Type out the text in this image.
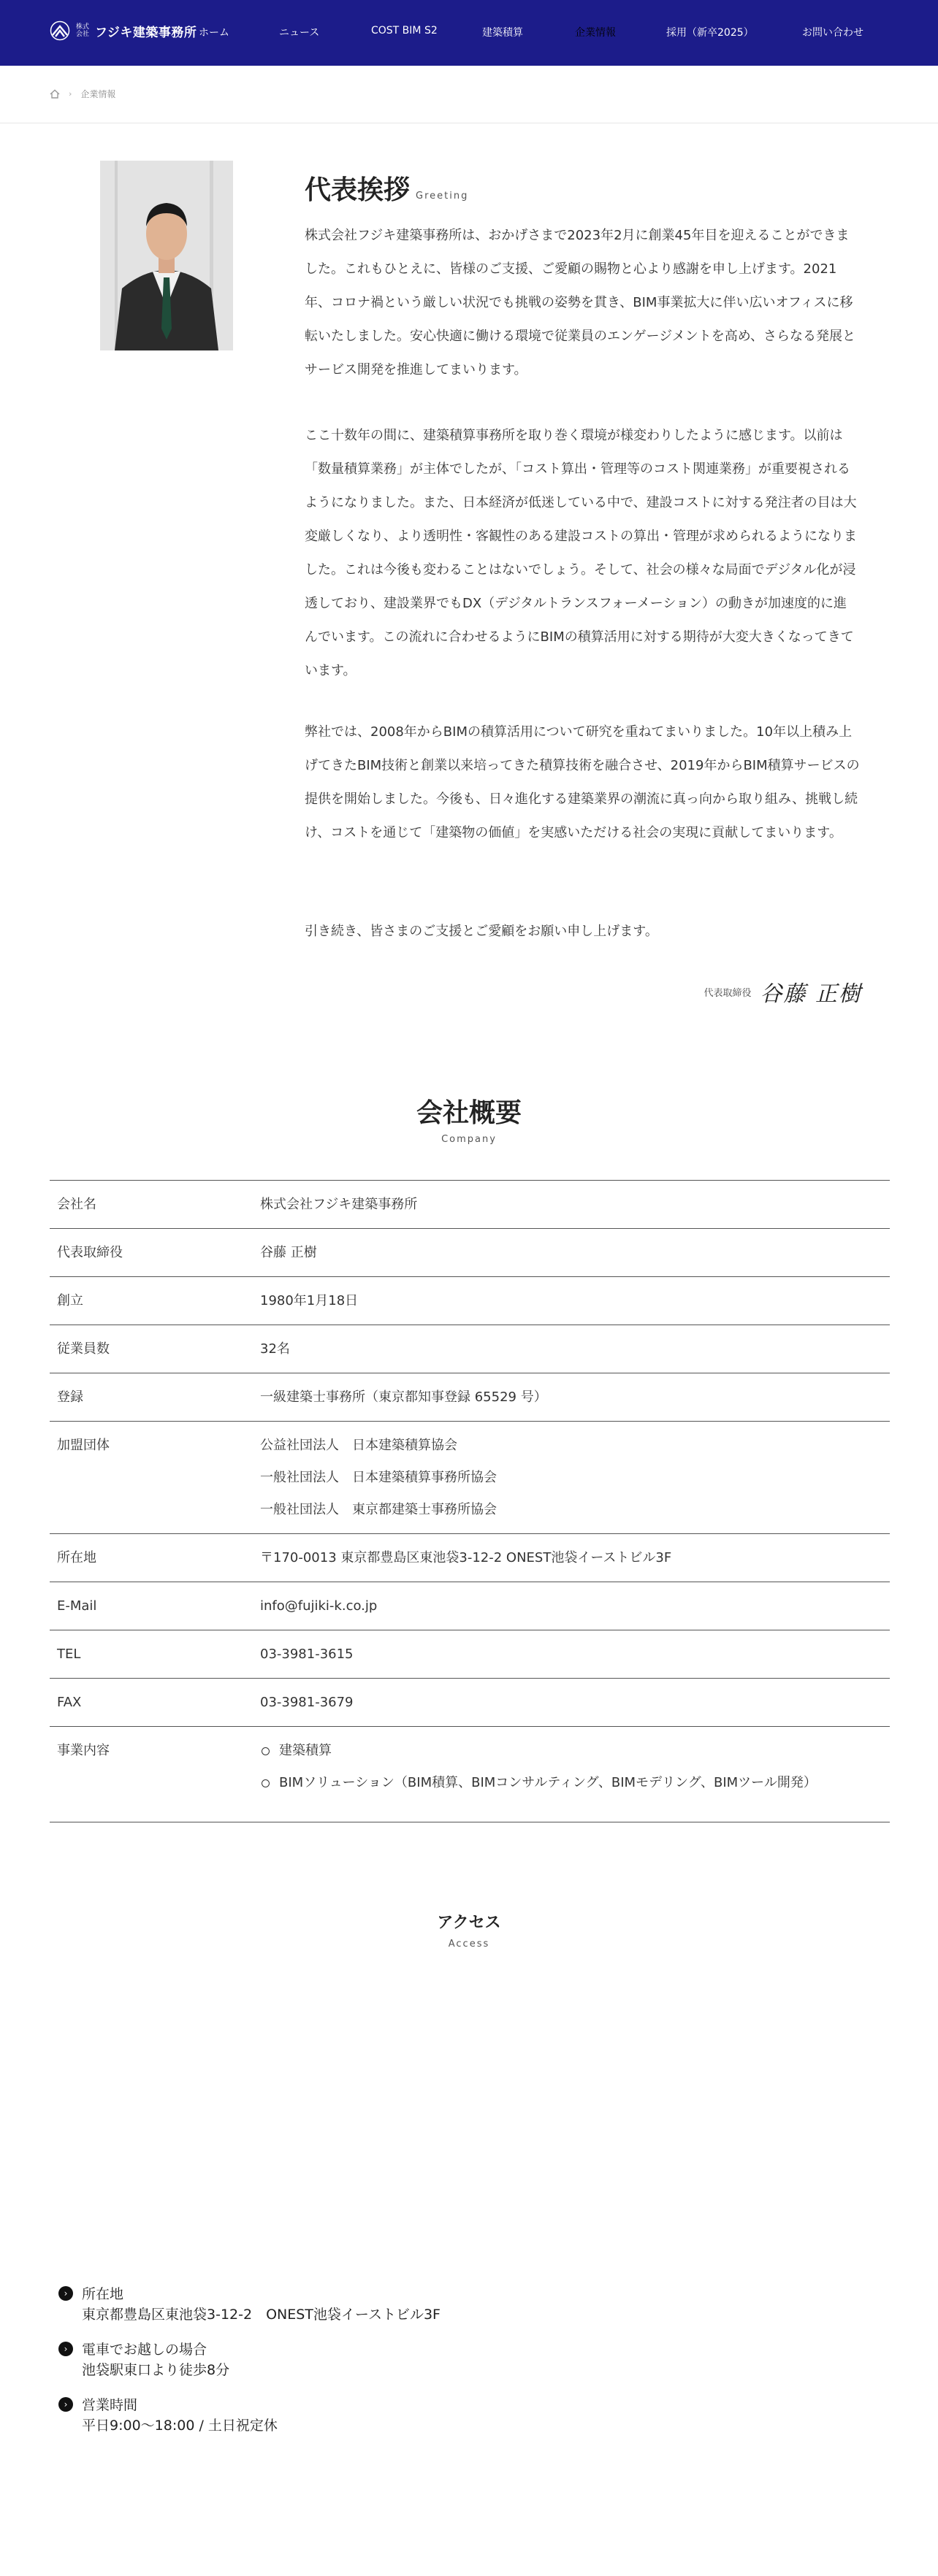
株式会社 フジキ建築事務所 ホーム	ニュース	COST BIM S2	建築積算	企業情報	採用（新卒2025）	お問い合わせ
› 企業情報
代表挨拶 Greeting

株式会社フジキ建築事務所は、おかげさまで2023年2月に創業45年目を迎えることができました。これもひとえに、皆様のご支援、ご愛顧の賜物と心より感謝を申し上げます。2021年、コロナ禍という厳しい状況でも挑戦の姿勢を貫き、BIM事業拡大に伴い広いオフィスに移転いたしました。安心快適に働ける環境で従業員のエンゲージメントを高め、さらなる発展とサービス開発を推進してまいります。

ここ十数年の間に、建築積算事務所を取り巻く環境が様変わりしたように感じます。以前は「数量積算業務」が主体でしたが、「コスト算出・管理等のコスト関連業務」が重要視されるようになりました。また、日本経済が低迷している中で、建設コストに対する発注者の目は大変厳しくなり、より透明性・客観性のある建設コストの算出・管理が求められるようになりました。これは今後も変わることはないでしょう。そして、社会の様々な局面でデジタル化が浸透しており、建設業界でもDX（デジタルトランスフォーメーション）の動きが加速度的に進んでいます。この流れに合わせるようにBIMの積算活用に対する期待が大変大きくなってきています。

弊社では、2008年からBIMの積算活用について研究を重ねてまいりました。10年以上積み上げてきたBIM技術と創業以来培ってきた積算技術を融合させ、2019年からBIM積算サービスの提供を開始しました。今後も、日々進化する建築業界の潮流に真っ向から取り組み、挑戦し続け、コストを通じて「建築物の価値」を実感いただける社会の実現に貢献してまいります。

引き続き、皆さまのご支援とご愛顧をお願い申し上げます。

代表取締役 谷藤 正樹
会社概要
Company
会社名	株式会社フジキ建築事務所
代表取締役	谷藤 正樹
創立	1980年1月18日
従業員数	32名
登録	一級建築士事務所（東京都知事登録 65529 号）
加盟団体	公益社団法人　日本建築積算協会
一般社団法人　日本建築積算事務所協会
一般社団法人　東京都建築士事務所協会
所在地	〒170-0013 東京都豊島区東池袋3-12-2 ONEST池袋イーストビル3F
E-Mail	info@fujiki-k.co.jp
TEL	03-3981-3615
FAX	03-3981-3679
事業内容	建築積算
BIMソリューション（BIM積算、BIMコンサルティング、BIMモデリング、BIMツール開発）
アクセス
Access
›	所在地
東京都豊島区東池袋3-12-2　ONEST池袋イーストビル3F
›	電車でお越しの場合
池袋駅東口より徒歩8分
›	営業時間
平日9:00〜18:00 / 土日祝定休
